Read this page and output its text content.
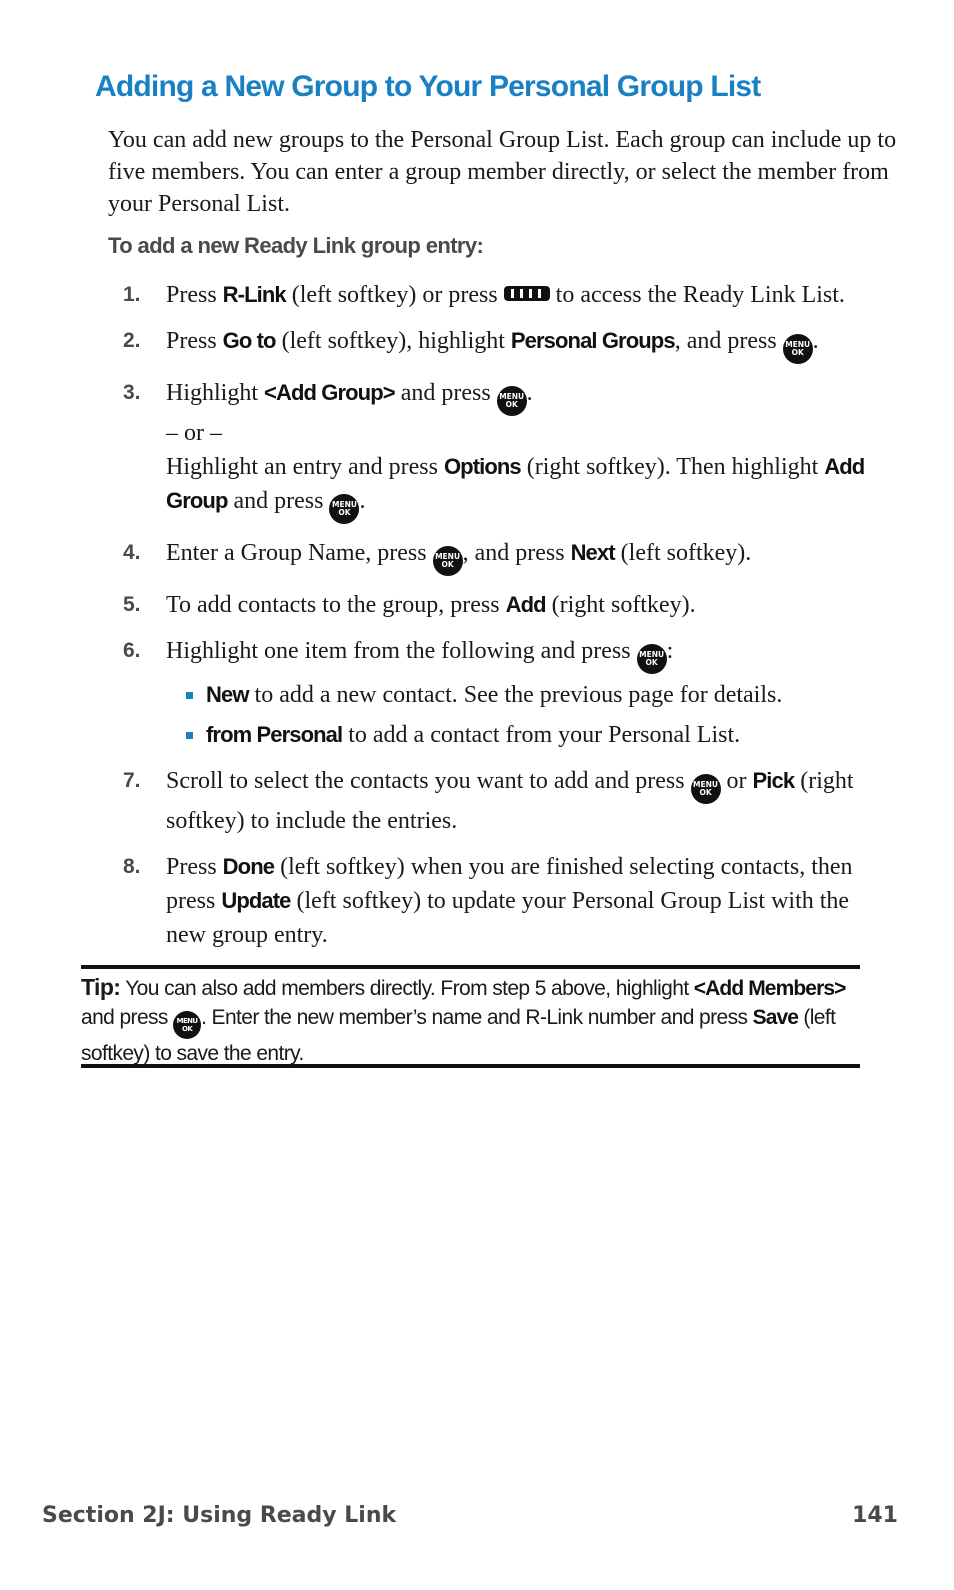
Adding a New Group to Your Personal Group List

You can add new groups to the Personal Group List. Each group can include up to five members. You can enter a group member directly, or select the member from your Personal List.

To add a new Ready Link group entry:

1. Press R-Link (left softkey) or press
to access the Ready Link List.
2. Press Go to (left softkey), highlight Personal Groups, and press MENU
OK .
3. Highlight <Add Group> and press MENU
OK .
– or –
Highlight an entry and press Options (right softkey). Then highlight Add Group and press MENU
OK .
4. Enter a Group Name, press MENU
OK , and press Next (left softkey).
5. To add contacts to the group, press Add (right softkey).
6. Highlight one item from the following and press MENU
OK :
New to add a new contact. See the previous page for details.
from Personal to add a contact from your Personal List.
7. Scroll to select the contacts you want to add and press MENU
OK or Pick (right softkey) to include the entries.
8. Press Done (left softkey) when you are finished selecting contacts, then press Update (left softkey) to update your Personal Group List with the new group entry.
Tip: You can also add members directly. From step 5 above, highlight <Add Members> and press MENU
OK . Enter the new member’s name and R-Link number and press Save (left softkey) to save the entry.
Section 2J: Using Ready Link	141
